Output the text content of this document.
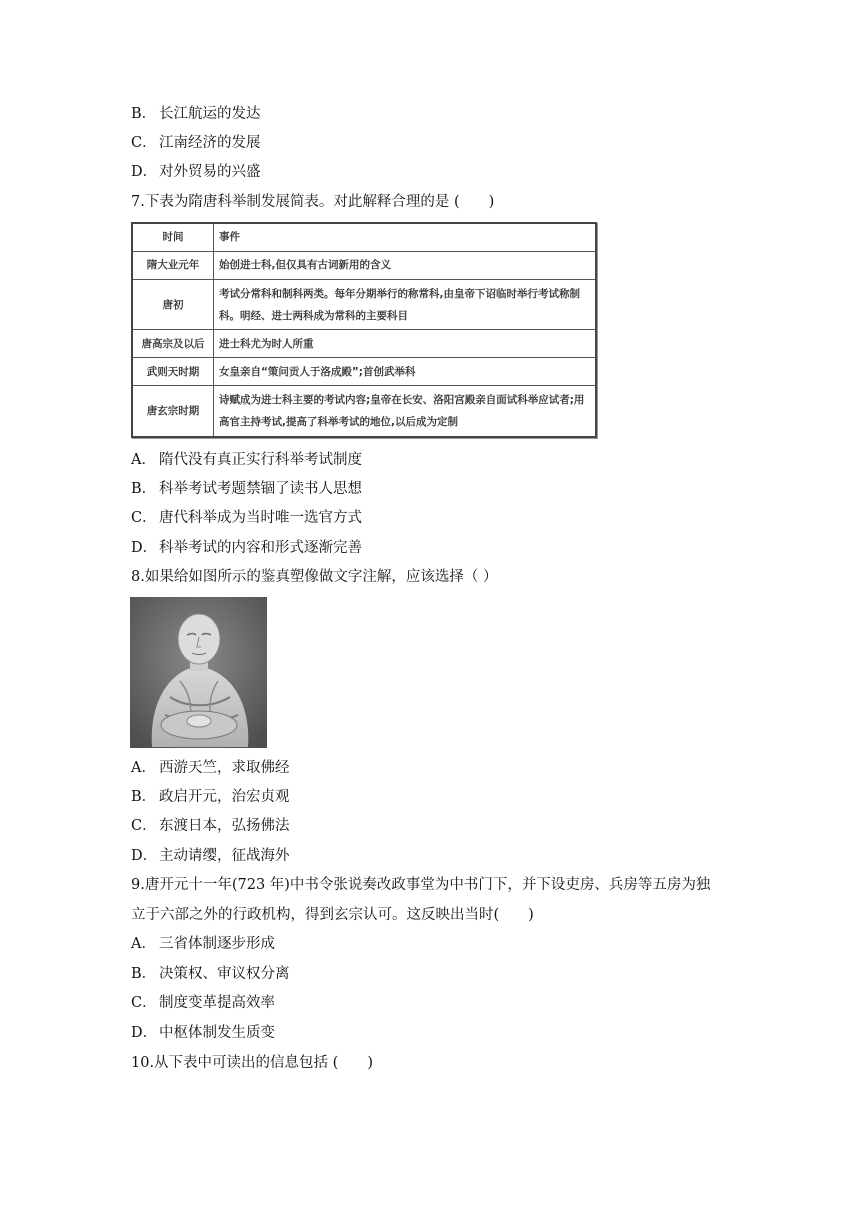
B． 长江航运的发达
C． 江南经济的发展
D． 对外贸易的兴盛
7.下表为隋唐科举制发展简表。对此解释合理的是 (　　)
时间	事件
隋大业元年	始创进士科,但仅具有古词新用的含义
唐初	考试分常科和制科两类。每年分期举行的称常科,由皇帝下诏临时举行考试称制科。明经、进士两科成为常科的主要科目
唐高宗及以后	进士科尤为时人所重
武则天时期	女皇亲自“策问贡人于洛成殿”;首创武举科
唐玄宗时期	诗赋成为进士科主要的考试内容;皇帝在长安、洛阳宫殿亲自面试科举应试者;用高官主持考试,提高了科举考试的地位,以后成为定制
A． 隋代没有真正实行科举考试制度
B． 科举考试考题禁锢了读书人思想
C． 唐代科举成为当时唯一选官方式
D． 科举考试的内容和形式逐渐完善
8.如果给如图所示的鉴真塑像做文字注解，应该选择（ ）
A． 西游天竺，求取佛经
B． 政启开元，治宏贞观
C． 东渡日本，弘扬佛法
D． 主动请缨，征战海外
9.唐开元十一年(723 年)中书令张说奏改政事堂为中书门下，并下设吏房、兵房等五房为独
立于六部之外的行政机构，得到玄宗认可。这反映出当时(　　)
A． 三省体制逐步形成
B． 决策权、审议权分离
C． 制度变革提高效率
D． 中枢体制发生质变
10.从下表中可读出的信息包括 (　　)
